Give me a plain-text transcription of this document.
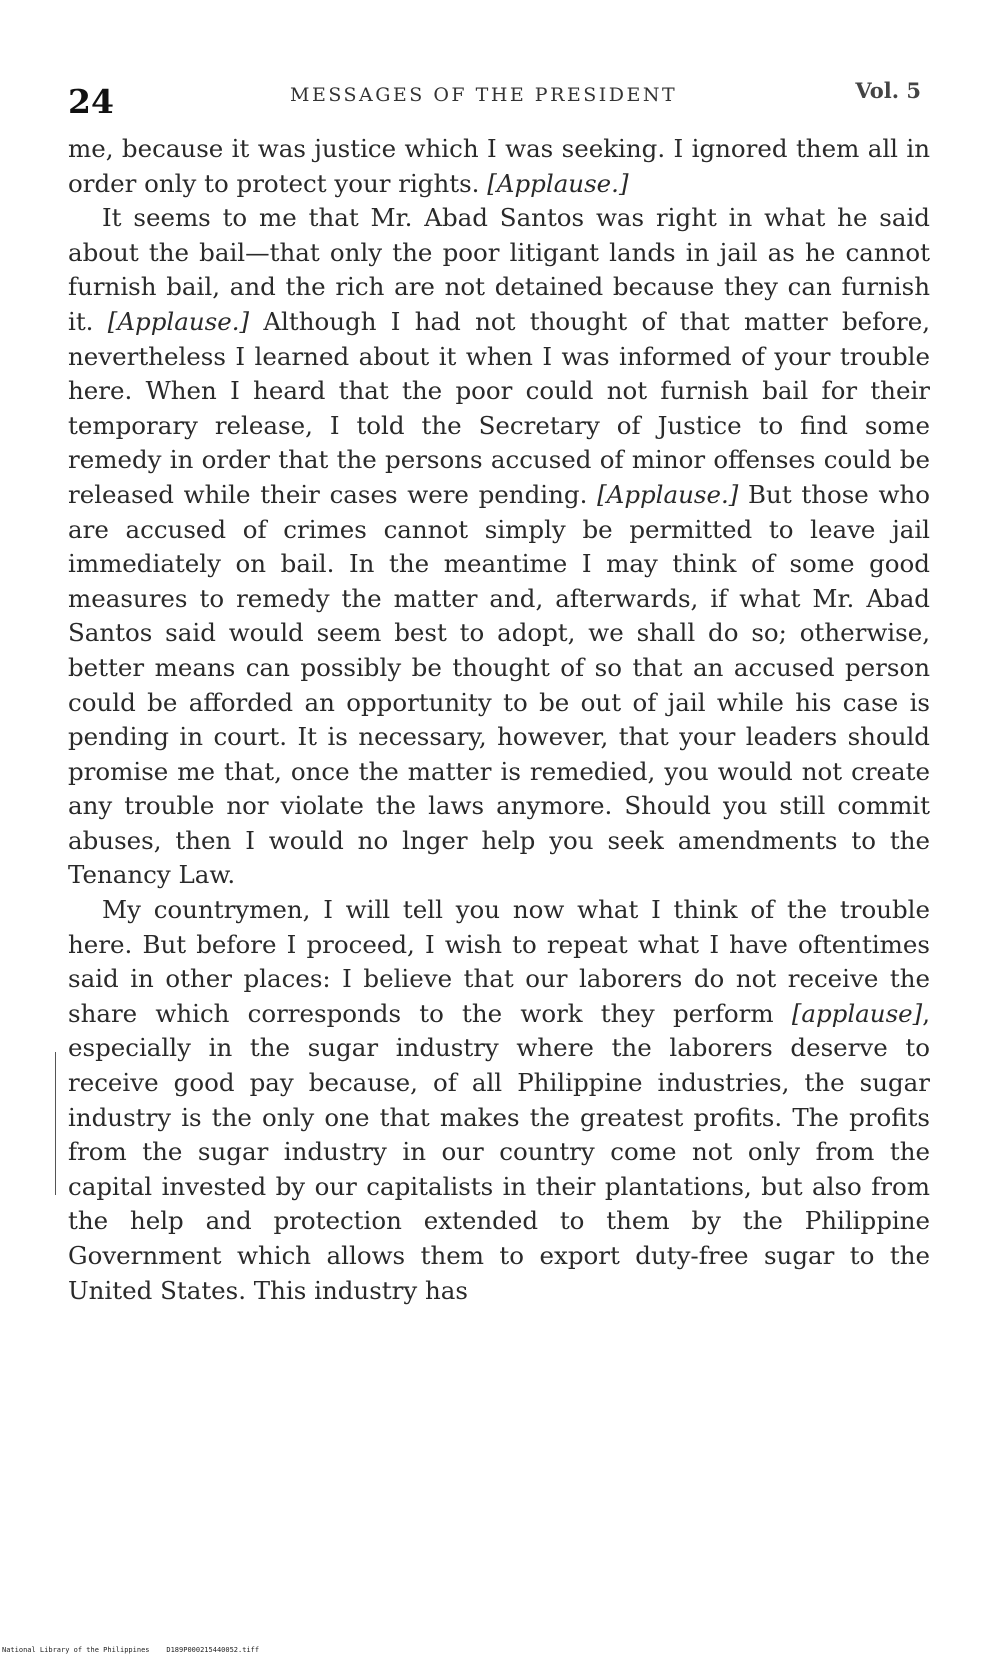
24	MESSAGES OF THE PRESIDENT	Vol. 5

me, because it was justice which I was seeking. I ignored them all in order only to protect your rights. [Applause.]

It seems to me that Mr. Abad Santos was right in what he said about the bail—that only the poor litigant lands in jail as he cannot furnish bail, and the rich are not detained because they can furnish it. [Applause.] Although I had not thought of that matter before, nevertheless I learned about it when I was informed of your trouble here. When I heard that the poor could not furnish bail for their temporary release, I told the Secretary of Justice to find some remedy in order that the persons accused of minor offenses could be released while their cases were pending. [Applause.] But those who are accused of crimes cannot simply be permitted to leave jail immediately on bail. In the meantime I may think of some good measures to remedy the matter and, afterwards, if what Mr. Abad Santos said would seem best to adopt, we shall do so; otherwise, better means can possibly be thought of so that an accused person could be afforded an opportunity to be out of jail while his case is pending in court. It is necessary, however, that your leaders should promise me that, once the matter is remedied, you would not create any trouble nor violate the laws anymore. Should you still commit abuses, then I would no lnger help you seek amendments to the Tenancy Law.

My countrymen, I will tell you now what I think of the trouble here. But before I proceed, I wish to repeat what I have oftentimes said in other places: I believe that our laborers do not receive the share which corresponds to the work they perform [applause], especially in the sugar industry where the laborers deserve to receive good pay because, of all Philippine industries, the sugar industry is the only one that makes the greatest profits. The profits from the sugar industry in our country come not only from the capital invested by our capitalists in their plantations, but also from the help and protection extended to them by the Philippine Government which allows them to export duty-free sugar to the United States. This industry has

National Library of the Philippines D189P000215440052.tiff
